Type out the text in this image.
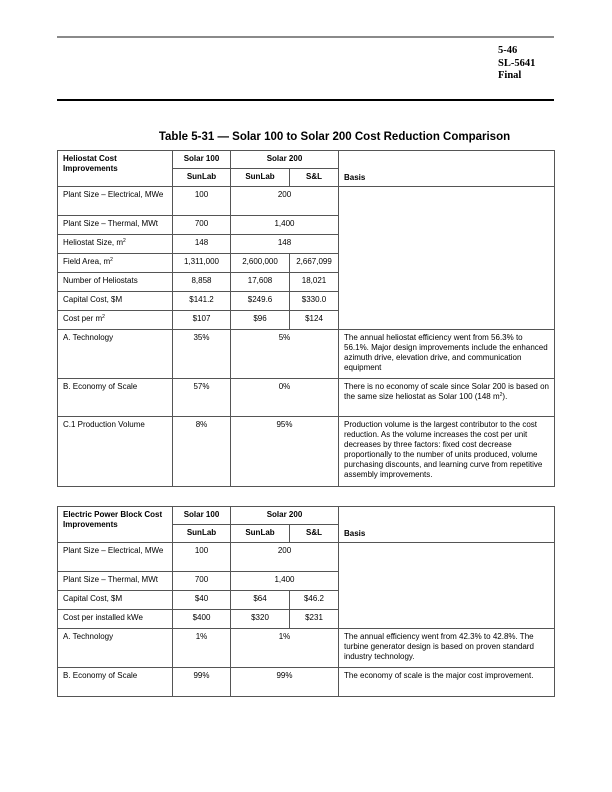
5-46
SL-5641
Final
Table 5-31 — Solar 100 to Solar 200 Cost Reduction Comparison
Heliostat Cost Improvements	Solar 100	Solar 200		Basis
	SunLab	SunLab	S&L	
Plant Size – Electrical, MWe	100	200		
Plant Size – Thermal, MWt	700	1,400		
Heliostat Size, $m^2$	148	148		
Field Area, $m^2$	1,311,000	2,600,000	2,667,099	
Number of Heliostats	8,858	17,608	18,021	
Capital Cost, $M	$141.2	$249.6	$330.0	
Cost per $m^2$	$107	$96	$124	
A. Technology	35%	5%		The annual heliostat efficiency went from 56.3% to 56.1%. Major design improvements include the enhanced azimuth drive, elevation drive, and communication equipment
B. Economy of Scale	57%	0%		There is no economy of scale since Solar 200 is based on the same size heliostat as Solar 100 (148 $m^2$).
C.1 Production Volume	8%	95%		Production volume is the largest contributor to the cost reduction. As the volume increases the cost per unit decreases by three factors: fixed cost decrease proportionally to the number of units produced, volume purchasing discounts, and learning curve from repetitive assembly improvements.
Electric Power Block Cost Improvements	Solar 100	Solar 200		Basis
	SunLab	SunLab	S&L	
Plant Size – Electrical, MWe	100	200		
Plant Size – Thermal, MWt	700	1,400		
Capital Cost, $M	$40	$64	$46.2	
Cost per installed kWe	$400	$320	$231	
A. Technology	1%	1%		The annual efficiency went from 42.3% to 42.8%. The turbine generator design is based on proven standard industry technology.
B. Economy of Scale	99%	99%		The economy of scale is the major cost improvement.
